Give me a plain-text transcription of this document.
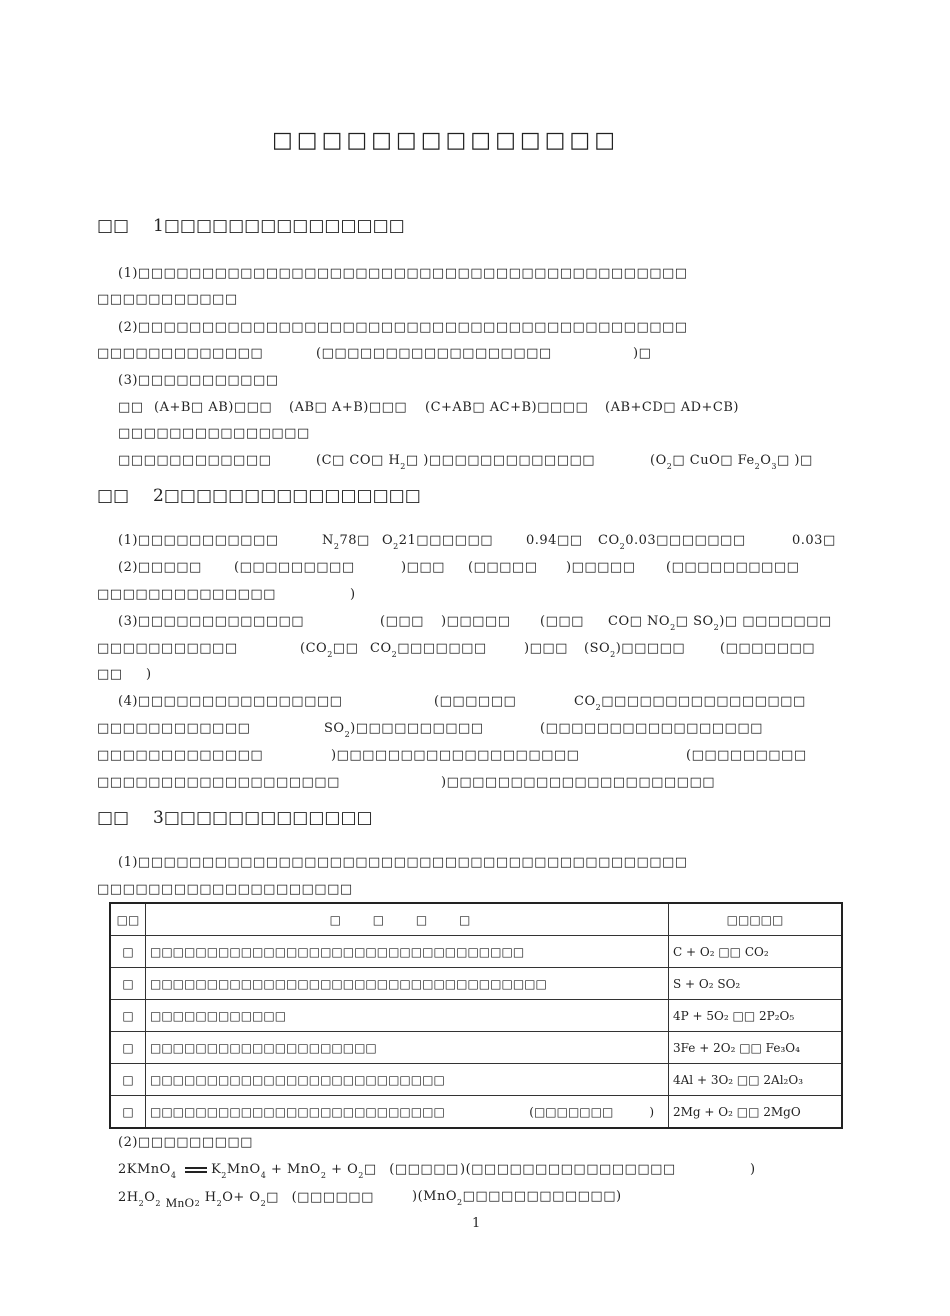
□□□□□□□□□□□□□□
□□ 1□□□□□□□□□□□□□□□
(1)□□□□□□□□□□□□□□□□□□□□□□□□□□□□□□□□□□□□□□□□□□□
□□□□□□□□□□□
(2)□□□□□□□□□□□□□□□□□□□□□□□□□□□□□□□□□□□□□□□□□□□
□□□□□□□□□□□□□	(□□□□□□□□□□□□□□□□□□	)□
(3)□□□□□□□□□□□
□□ (A+B□ AB)□□□ (AB□ A+B)□□□ (C+AB□ AC+B)□□□□ (AB+CD□ AD+CB)
□□□□□□□□□□□□□□□
□□□□□□□□□□□□	(C□ CO□ $H_2□$ )□□□□□□□□□□□□□	($O_2□$ CuO□ $Fe_2O_3□$ )□
□□ 2□□□□□□□□□□□□□□□□
(1)□□□□□□□□□□□	$N_278□$ $O_221□□□□□□$	0.94□□ $CO_20.03□□□□□□□$	0.03□
(2)□□□□□ (□□□□□□□□□	)□□□ (□□□□□ )□□□□□ (□□□□□□□□□□
□□□□□□□□□□□□□□	)
(3)□□□□□□□□□□□□□	(□□□ )□□□□□ (□□□ CO□ $NO_2□$ $SO_2)□$ □□□□□□□
□□□□□□□□□□□	($CO_2□□$ $CO_2□□□□□□□$	)□□□ $(SO_2)□□□□□$	(□□□□□□□
□□ )
(4)□□□□□□□□□□□□□□□□	(□□□□□□	$CO_2□□□□□□□□□□□□□□□□$
□□□□□□□□□□□□	$SO_2)□□□□□□□□□□$	(□□□□□□□□□□□□□□□□□
□□□□□□□□□□□□□	)□□□□□□□□□□□□□□□□□□□	(□□□□□□□□□
□□□□□□□□□□□□□□□□□□□	)□□□□□□□□□□□□□□□□□□□□□
□□ 3□□□□□□□□□□□□□
(1)□□□□□□□□□□□□□□□□□□□□□□□□□□□□□□□□□□□□□□□□□□□
□□□□□□□□□□□□□□□□□□□□
□□	□ □ □ □	□□□□□
□	□□□□□□□□□□□□□□□□□□□□□□□□□□□□□□□□□	C + O₂ □□ CO₂
□	□□□□□□□□□□□□□□□□□□□□□□□□□□□□□□□□□□□	S + O₂ SO₂
□	□□□□□□□□□□□□	4P + 5O₂ □□ 2P₂O₅
□	□□□□□□□□□□□□□□□□□□□□	3Fe + 2O₂ □□ Fe₃O₄
□	□□□□□□□□□□□□□□□□□□□□□□□□□□	4Al + 3O₂ □□ 2Al₂O₃
□	□□□□□□□□□□□□□□□□□□□□□□□□□□ (□□□□□□□ )	2Mg + O₂ □□ 2MgO
(2)□□□□□□□□□
2KMnO$_4$	$K_2MnO_4 + MnO_2$ + $O_2□$ (□□□□□ )(□□□□□□□□□□□□□□□□	)
$2H_2O_2$ MnO$_2$ $H_2O+$ $O_2□$ (□□□□□□	)(MnO$_2$□□□□□□□□□□□□)
1
